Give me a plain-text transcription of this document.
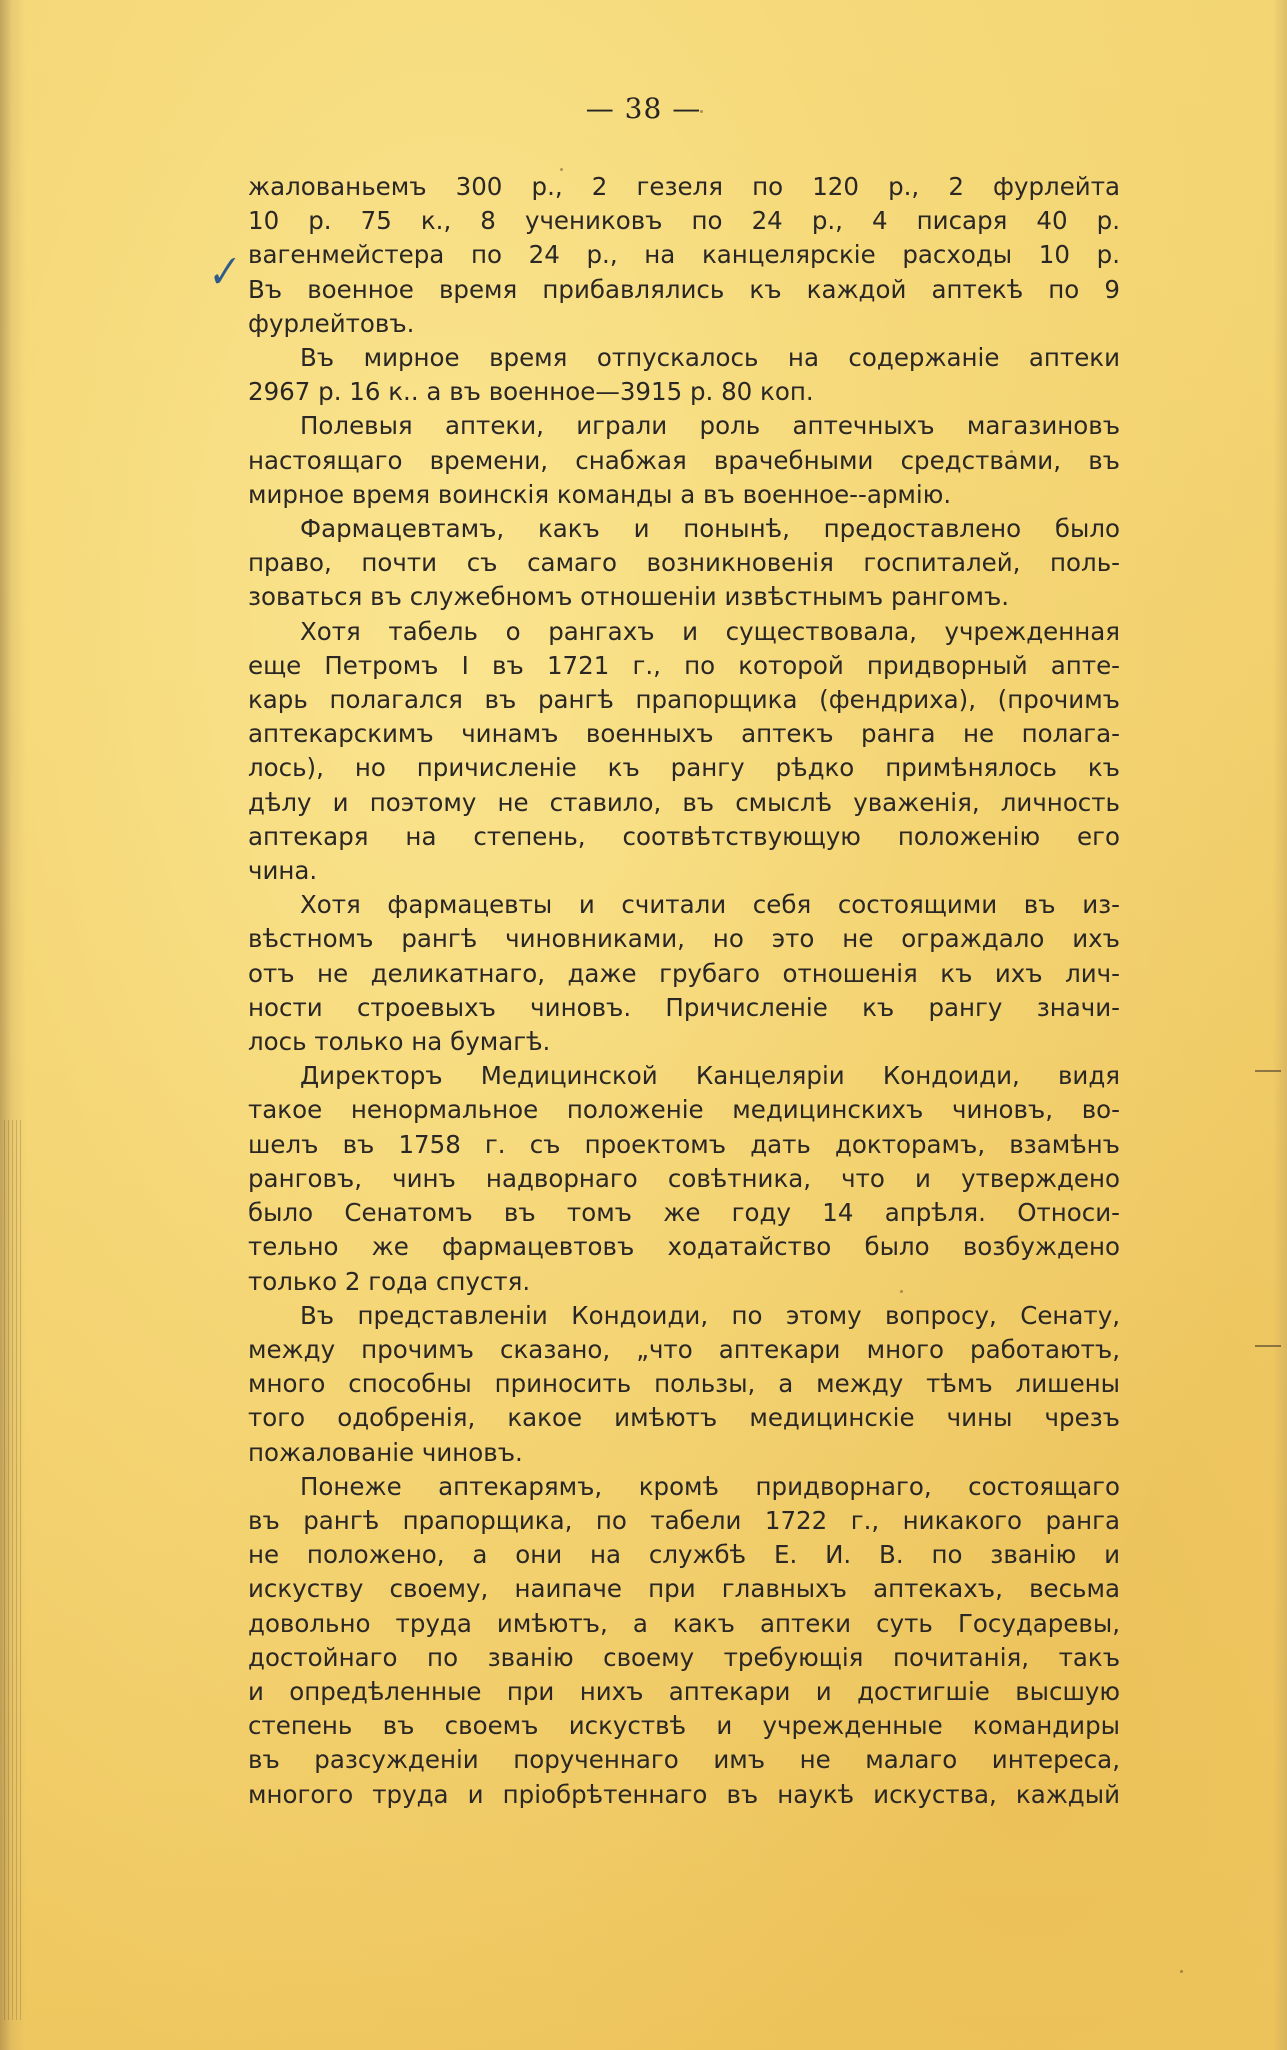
— 38 —
✓
жалованьемъ 300 р., 2 гезеля по 120 р., 2 фурлейта
10 р. 75 к., 8 учениковъ по 24 р., 4 писаря 40 р.
вагенмейстера по 24 р., на канцелярскіе расходы 10 р.
Въ военное время прибавлялись къ каждой аптекѣ по 9
фурлейтовъ.
Въ мирное время отпускалось на содержаніе аптеки
2967 р. 16 к.. а въ военное—3915 р. 80 коп.
Полевыя аптеки, играли роль аптечныхъ магазиновъ
настоящаго времени, снабжая врачебными средствами, въ
мирное время воинскія команды а въ военное--армію.
Фармацевтамъ, какъ и понынѣ, предоставлено было
право, почти съ самаго возникновенія госпиталей, поль-
зоваться въ служебномъ отношеніи извѣстнымъ рангомъ.
Хотя табель о рангахъ и существовала, учрежденная
еще Петромъ I въ 1721 г., по которой придворный апте-
карь полагался въ рангѣ прапорщика (фендриха), (прочимъ
аптекарскимъ чинамъ военныхъ аптекъ ранга не полага-
лось), но причисленіе къ рангу рѣдко примѣнялось къ
дѣлу и поэтому не ставило, въ смыслѣ уваженія, личность
аптекаря на степень, соотвѣтствующую положенію его
чина.
Хотя фармацевты и считали себя состоящими въ из-
вѣстномъ рангѣ чиновниками, но это не ограждало ихъ
отъ не деликатнаго, даже грубаго отношенія къ ихъ лич-
ности строевыхъ чиновъ. Причисленіе къ рангу значи-
лось только на бумагѣ.
Директоръ Медицинской Канцеляріи Кондоиди, видя
такое ненормальное положеніе медицинскихъ чиновъ, во-
шелъ въ 1758 г. съ проектомъ дать докторамъ, взамѣнъ
ранговъ, чинъ надворнаго совѣтника, что и утверждено
было Сенатомъ въ томъ же году 14 апрѣля. Относи-
тельно же фармацевтовъ ходатайство было возбуждено
только 2 года спустя.
Въ представленіи Кондоиди, по этому вопросу, Сенату,
между прочимъ сказано, „что аптекари много работаютъ,
много способны приносить пользы, а между тѣмъ лишены
того одобренія, какое имѣютъ медицинскіе чины чрезъ
пожалованіе чиновъ.
Понеже аптекарямъ, кромѣ придворнаго, состоящаго
въ рангѣ прапорщика, по табели 1722 г., никакого ранга
не положено, а они на службѣ Е. И. В. по званію и
искуству своему, наипаче при главныхъ аптекахъ, весьма
довольно труда имѣютъ, а какъ аптеки суть Государевы,
достойнаго по званію своему требующія почитанія, такъ
и опредѣленные при нихъ аптекари и достигшіе высшую
степень въ своемъ искуствѣ и учрежденные командиры
въ разсужденіи порученнаго имъ не малаго интереса,
многого труда и пріобрѣтеннаго въ наукѣ искуства, каждый
